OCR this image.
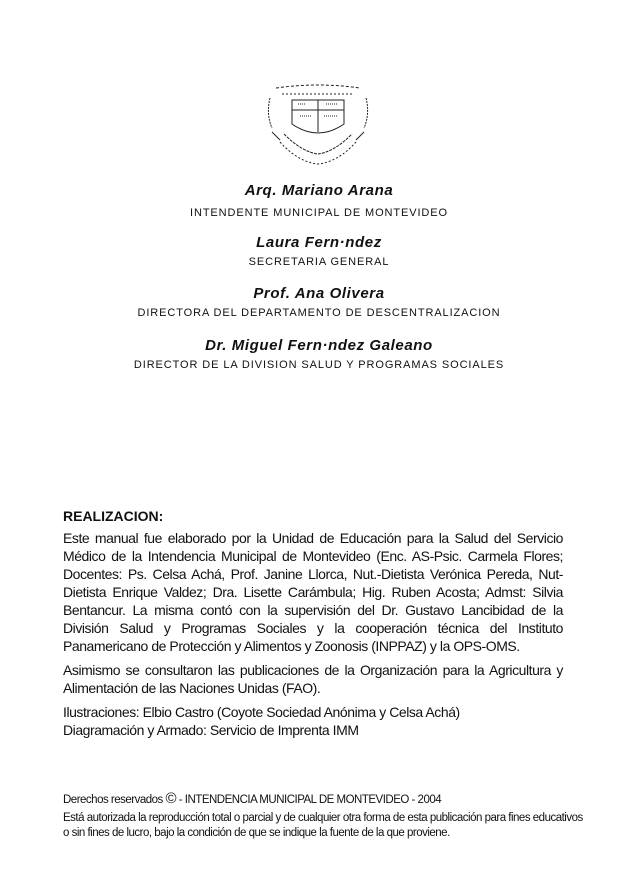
Arq. Mariano Arana
INTENDENTE MUNICIPAL DE MONTEVIDEO
Laura Fern·ndez
SECRETARIA GENERAL
Prof. Ana Olivera
DIRECTORA DEL DEPARTAMENTO DE DESCENTRALIZACION
Dr. Miguel Fern·ndez Galeano
DIRECTOR DE LA DIVISION SALUD Y PROGRAMAS SOCIALES
REALIZACION:
Este manual fue elaborado por la Unidad de Educación para la Salud del Servicio Médico de la Intendencia Municipal de Montevideo (Enc. AS-Psic. Carmela Flores; Docentes: Ps. Celsa Achá, Prof. Janine Llorca, Nut.-Dietista Verónica Pereda, Nut-Dietista Enrique Valdez; Dra. Lisette Carámbula; Hig. Ruben Acosta; Admst: Silvia Bentancur. La misma contó con la supervisión del Dr. Gustavo Lancibidad de la División Salud y Programas Sociales y la cooperación técnica del Instituto Panamericano de Protección y Alimentos y Zoonosis (INPPAZ) y la OPS-OMS.
Asimismo se consultaron las publicaciones de la Organización para la Agricultura y Alimentación de las Naciones Unidas (FAO).
Ilustraciones: Elbio Castro (Coyote Sociedad Anónima y Celsa Achá)
Diagramación y Armado: Servicio de Imprenta IMM
Derechos reservados © - INTENDENCIA MUNICIPAL DE MONTEVIDEO - 2004
Está autorizada la reproducción total o parcial y de cualquier otra forma de esta publicación para fines educativos o sin fines de lucro, bajo la condición de que se indique la fuente de la que proviene.
